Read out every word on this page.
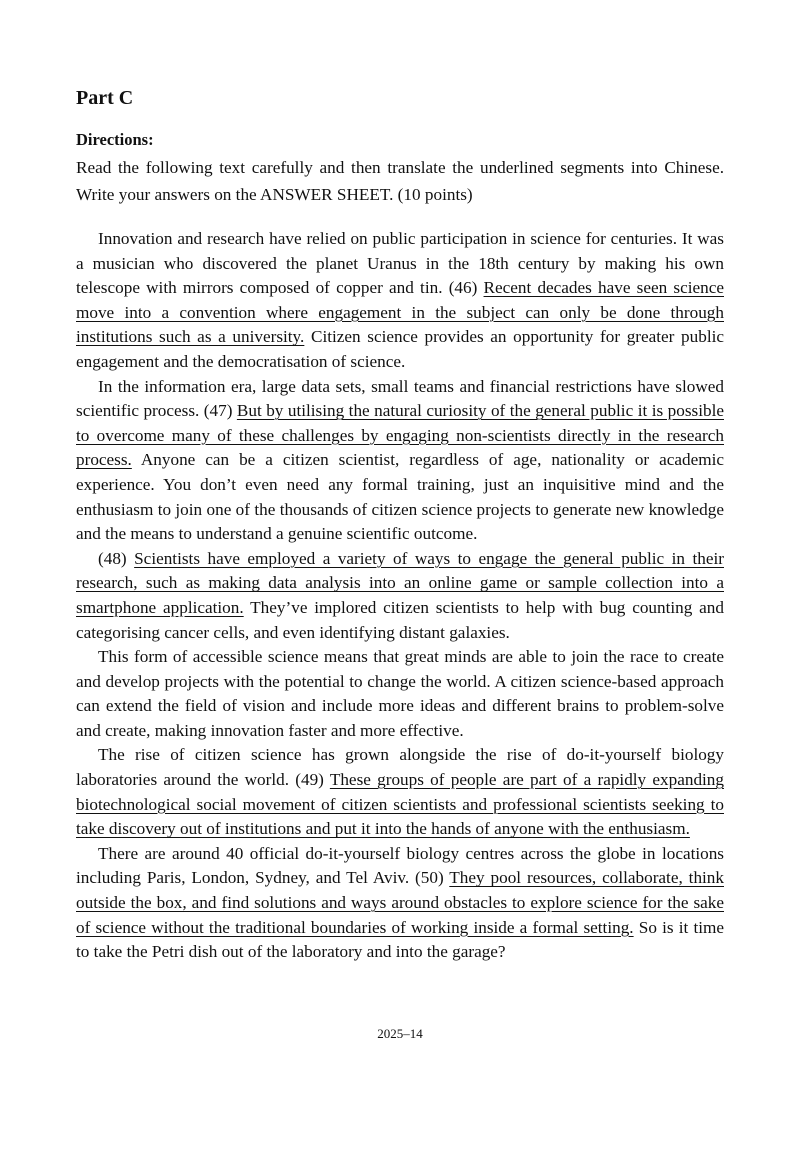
Part C
Directions:

Read the following text carefully and then translate the underlined segments into Chinese. Write your answers on the ANSWER SHEET. (10 points)

Innovation and research have relied on public participation in science for centuries. It was a musician who discovered the planet Uranus in the 18th century by making his own telescope with mirrors composed of copper and tin. (46) Recent decades have seen science move into a convention where engagement in the subject can only be done through institutions such as a university. Citizen science provides an opportunity for greater public engagement and the democratisation of science.

In the information era, large data sets, small teams and financial restrictions have slowed scientific process. (47) But by utilising the natural curiosity of the general public it is possible to overcome many of these challenges by engaging non-scientists directly in the research process. Anyone can be a citizen scientist, regardless of age, nationality or academic experience. You don’t even need any formal training, just an inquisitive mind and the enthusiasm to join one of the thousands of citizen science projects to generate new knowledge and the means to understand a genuine scientific outcome.

(48) Scientists have employed a variety of ways to engage the general public in their research, such as making data analysis into an online game or sample collection into a smartphone application. They’ve implored citizen scientists to help with bug counting and categorising cancer cells, and even identifying distant galaxies.

This form of accessible science means that great minds are able to join the race to create and develop projects with the potential to change the world. A citizen science-based approach can extend the field of vision and include more ideas and different brains to problem-solve and create, making innovation faster and more effective.

The rise of citizen science has grown alongside the rise of do-it-yourself biology laboratories around the world. (49) These groups of people are part of a rapidly expanding biotechnological social movement of citizen scientists and professional scientists seeking to take discovery out of institutions and put it into the hands of anyone with the enthusiasm.

There are around 40 official do-it-yourself biology centres across the globe in locations including Paris, London, Sydney, and Tel Aviv. (50) They pool resources, collaborate, think outside the box, and find solutions and ways around obstacles to explore science for the sake of science without the traditional boundaries of working inside a formal setting. So is it time to take the Petri dish out of the laboratory and into the garage?

2025–14
